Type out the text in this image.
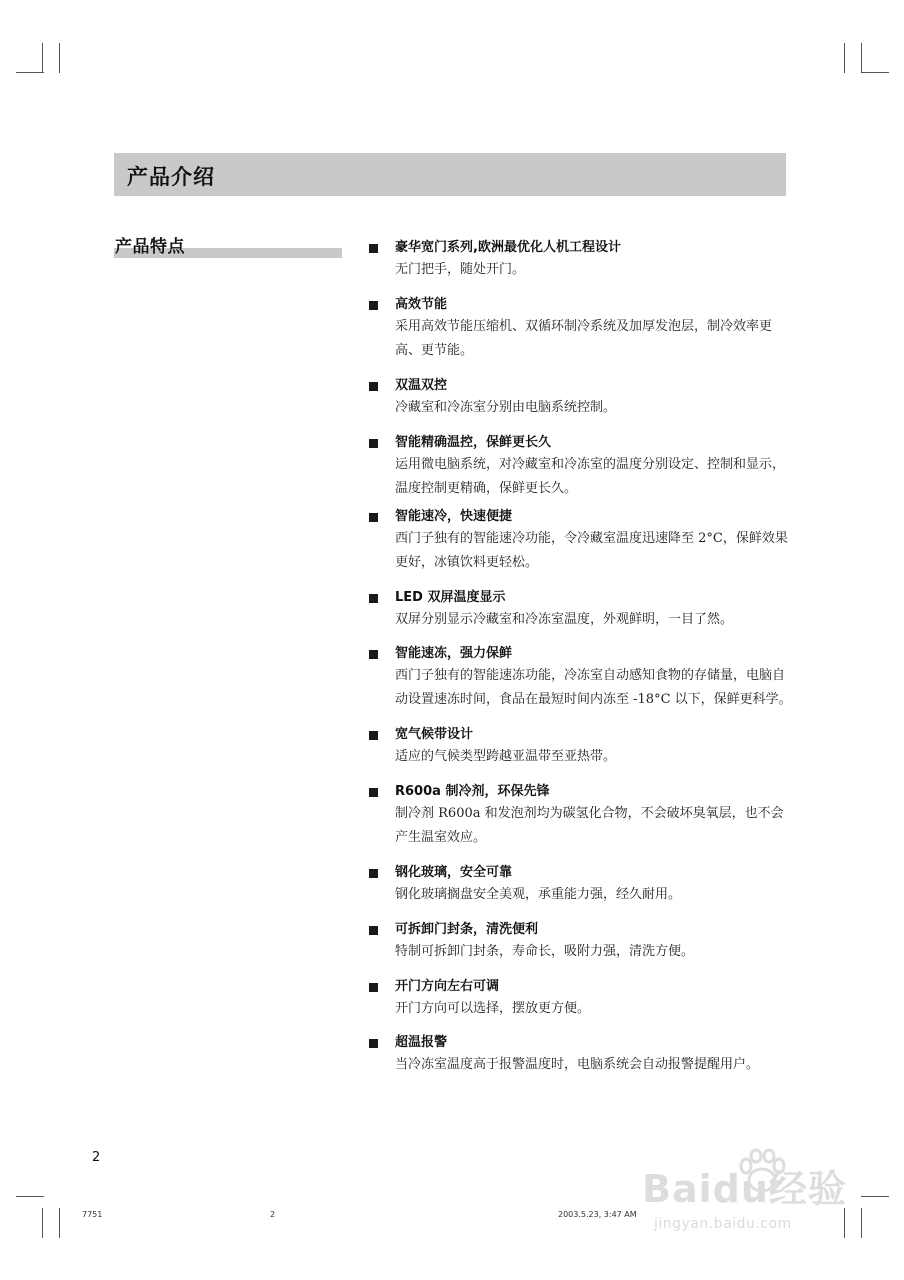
产品介绍
产品特点	豪华宽门系列,欧洲最优化人机工程设计

无门把手，随处开门。

高效节能

采用高效节能压缩机、双循环制冷系统及加厚发泡层，制冷效率更高、更节能。

双温双控

冷藏室和冷冻室分别由电脑系统控制。

智能精确温控，保鲜更长久

运用微电脑系统，对冷藏室和冷冻室的温度分别设定、控制和显示，温度控制更精确，保鲜更长久。

智能速冷，快速便捷

西门子独有的智能速冷功能，令冷藏室温度迅速降至 2°C，保鲜效果更好，冰镇饮料更轻松。

LED 双屏温度显示

双屏分别显示冷藏室和冷冻室温度，外观鲜明，一目了然。

智能速冻，强力保鲜

西门子独有的智能速冻功能，冷冻室自动感知食物的存储量，电脑自动设置速冻时间，食品在最短时间内冻至 -18°C 以下，保鲜更科学。

宽气候带设计

适应的气候类型跨越亚温带至亚热带。

R600a 制冷剂，环保先锋

制冷剂 R600a 和发泡剂均为碳氢化合物，不会破坏臭氧层，也不会产生温室效应。

钢化玻璃，安全可靠

钢化玻璃搁盘安全美观，承重能力强，经久耐用。

可拆卸门封条，清洗便利

特制可拆卸门封条，寿命长，吸附力强，清洗方便。

开门方向左右可调

开门方向可以选择，摆放更方便。

超温报警

当冷冻室温度高于报警温度时，电脑系统会自动报警提醒用户。

2
7751	2	2003.5.23, 3:47 AM
Baidu经验
jingyan.baidu.com
